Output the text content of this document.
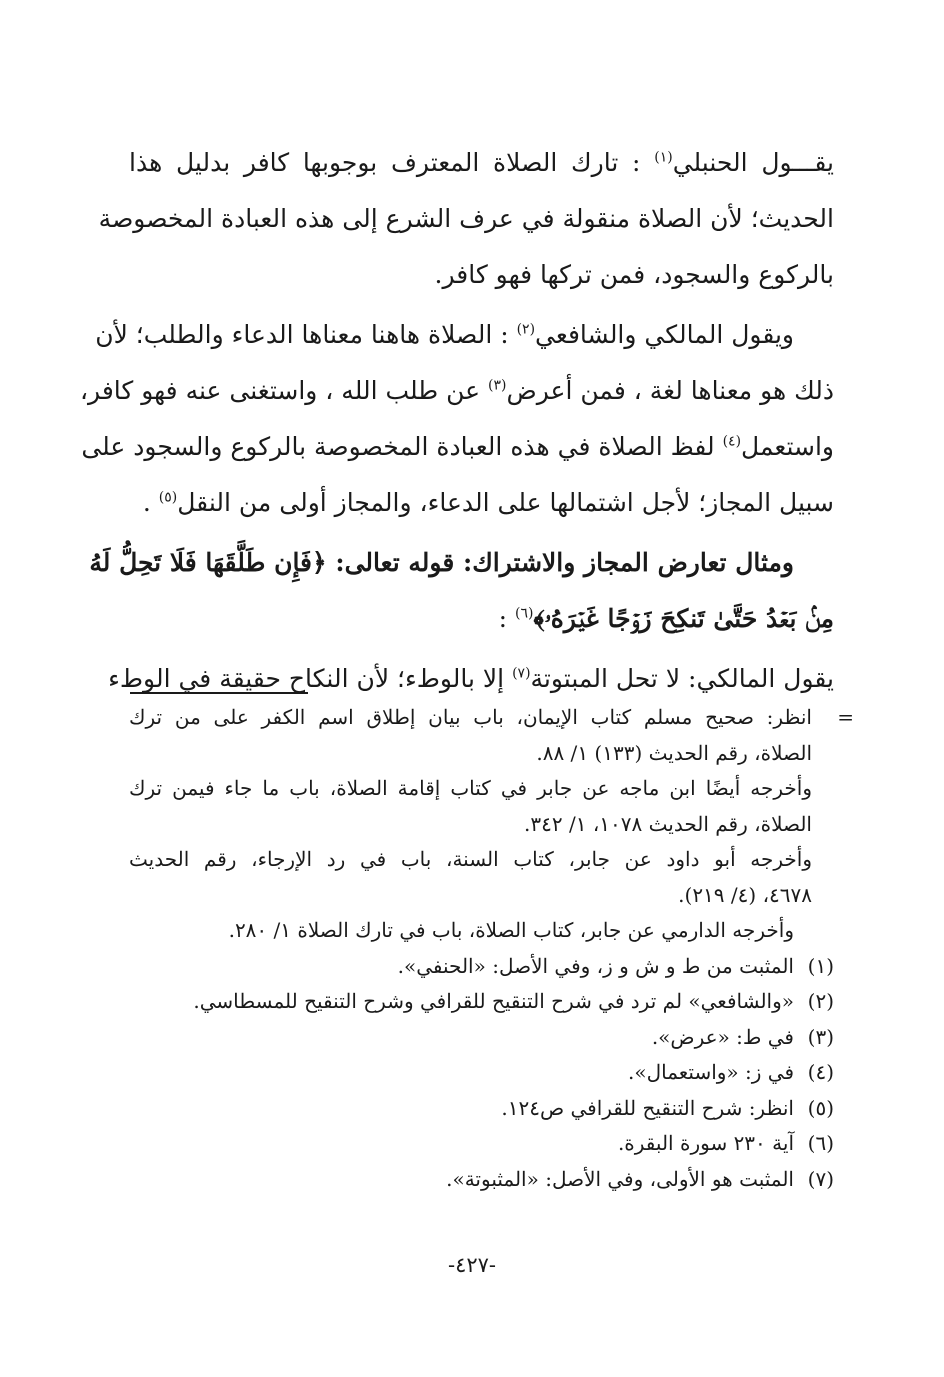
يقـــول الحنبلي$^{(١)}$ : تارك الصلاة المعترف بوجوبها كافر بدليل هذا
الحديث؛ لأن الصلاة منقولة في عرف الشرع إلى هذه العبادة المخصوصة
بالركوع والسجود، فمن تركها فهو كافر.
ويقول المالكي والشافعي$^{(٢)}$ : الصلاة هاهنا معناها الدعاء والطلب؛ لأن
ذلك هو معناها لغة ، فمن أعرض$^{(٣)}$ عن طلب الله ، واستغنى عنه فهو كافر،
واستعمل$^{(٤)}$ لفظ الصلاة في هذه العبادة المخصوصة بالركوع والسجود على
سبيل المجاز؛ لأجل اشتمالها على الدعاء، والمجاز أولى من النقل$^{(٥)}$ .
ومثال تعارض المجاز والاشتراك: قوله تعالى: ﴿فَإِن طَلَّقَهَا فَلَا تَحِلُّ لَهُ
مِنۢ بَعۡدُ حَتَّىٰ تَنكِحَ زَوۡجًا غَيۡرَهُۥ﴾$^{(٦)}$ :
يقول المالكي: لا تحل المبتوتة$^{(٧)}$ إلا بالوطء؛ لأن النكاح حقيقة في الوطء
=
انظر: صحيح مسلم كتاب الإيمان، باب بيان إطلاق اسم الكفر على من ترك
الصلاة، رقم الحديث (١٣٣) ١/ ٨٨.
وأخرجه أيضًا ابن ماجه عن جابر في كتاب إقامة الصلاة، باب ما جاء فيمن ترك
الصلاة، رقم الحديث ١٠٧٨، ١/ ٣٤٢.
وأخرجه أبو داود عن جابر، كتاب السنة، باب في رد الإرجاء، رقم الحديث
٤٦٧٨، (٤/ ٢١٩).
وأخرجه الدارمي عن جابر، كتاب الصلاة، باب في تارك الصلاة ١/ ٢٨٠.
(١)المثبت من ط و ش و ز، وفي الأصل: «الحنفي».
(٢)«والشافعي» لم ترد في شرح التنقيح للقرافي وشرح التنقيح للمسطاسي.
(٣)في ط: «عرض».
(٤)في ز: «واستعمال».
(٥)انظر: شرح التنقيح للقرافي ص١٢٤.
(٦)آية ٢٣٠ سورة البقرة.
(٧)المثبت هو الأولى، وفي الأصل: «المثبوتة».
-٤٢٧-
